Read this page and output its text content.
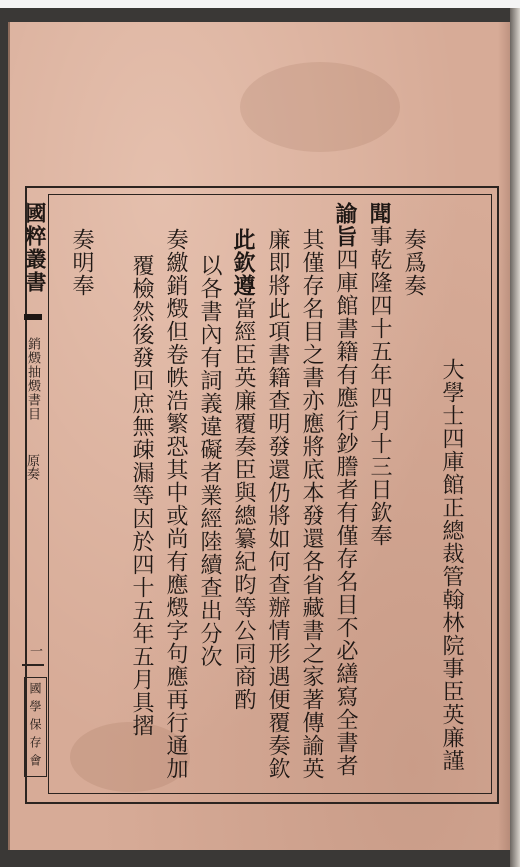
國粹叢書
銷燬抽燬書目
原奏
一
國學保存會	大學士四庫館正總裁管翰林院事臣英廉謹
奏爲奏
聞事乾隆四十五年四月十三日欽奉
諭旨四庫館書籍有應行鈔謄者有僅存名目不必繕寫全書者
其僅存名目之書亦應將底本發還各省藏書之家著傳諭英
廉即將此項書籍查明發還仍將如何查辦情形遇便覆奏欽
此欽遵當經臣英廉覆奏臣與總纂紀昀等公同商酌
以各書內有詞義違礙者業經陸續查出分次
奏繳銷燬但卷帙浩繁恐其中或尚有應燬字句應再行通加
覆檢然後發回庶無疎漏等因於四十五年五月具摺
奏明奉
